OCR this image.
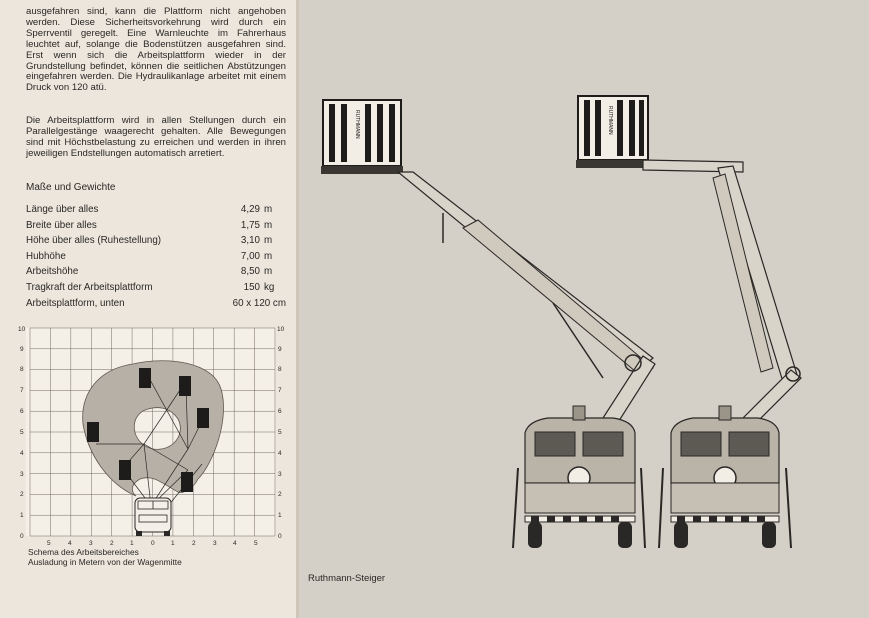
ausgefahren sind, kann die Plattform nicht angehoben werden. Diese Sicherheitsvorkehrung wird durch ein Sperrventil geregelt. Eine Warnleuchte im Fahrerhaus leuchtet auf, solange die Bodenstützen ausgefahren sind. Erst wenn sich die Arbeitsplattform wieder in der Grundstellung befindet, können die seitlichen Abstützungen eingefahren werden. Die Hydraulikanlage arbeitet mit einem Druck von 120 atü.

Die Arbeitsplattform wird in allen Stellungen durch ein Parallelgestänge waagerecht gehalten. Alle Bewegungen sind mit Höchstbelastung zu erreichen und werden in ihren jeweiligen Endstellungen automatisch arretiert.

Maße und Gewichte
Länge über alles	4,29 m
Breite über alles	1,75 m
Höhe über alles (Ruhestellung)	3,10 m
Hubhöhe	7,00 m
Arbeitshöhe	8,50 m
Tragkraft der Arbeitsplattform	150 kg
Arbeitsplattform, unten	60 x 120 cm
0
1
2
3
4
5
6
7
8
9
10
0
1
2
3
4
5
6
7
8
9
10
5	4	3	2	1	0	1	2	3	4	5
Schema des Arbeitsbereiches
Ausladung in Metern von der Wagenmitte
RUTHMANN	RUTHMANN
Ruthmann-Steiger
